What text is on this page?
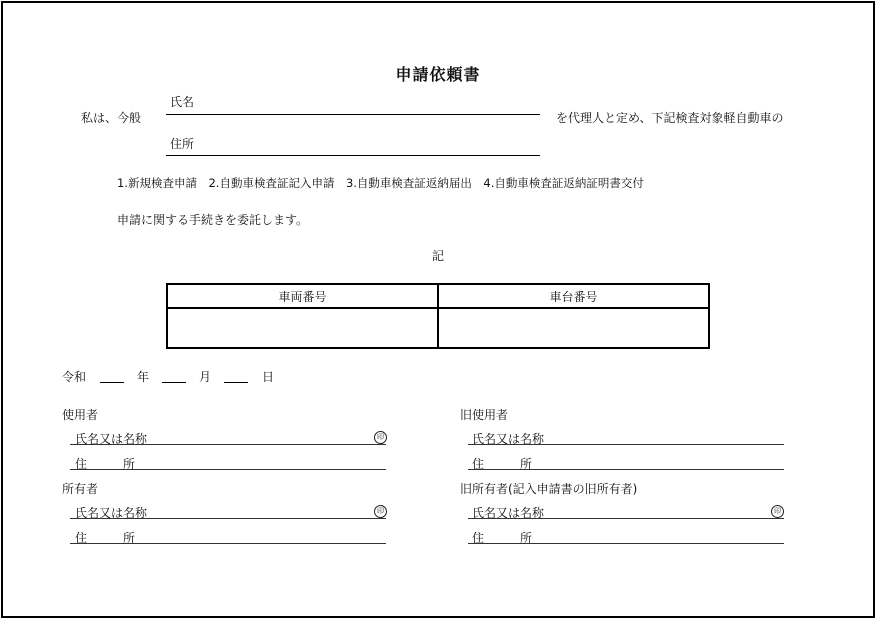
申請依頼書
私は、今般
氏名
住所
を代理人と定め、下記検査対象軽自動車の
1.新規検査申請　2.自動車検査証記入申請　3.自動車検査証返納届出　4.自動車検査証返納証明書交付
申請に関する手続きを委託します。
記
車両番号	車台番号

令和	年	月	日
使用者
氏名又は名称	印
住　　　所
旧使用者
氏名又は名称
住　　　所
所有者
氏名又は名称	印
住　　　所
旧所有者(記入申請書の旧所有者)
氏名又は名称	印
住　　　所
